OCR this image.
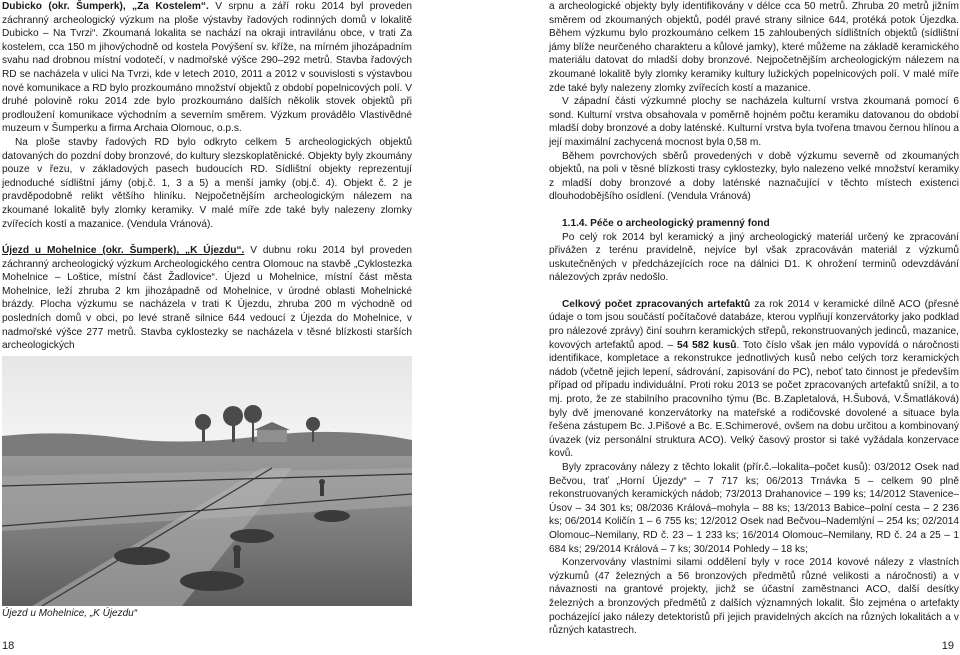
Dubicko (okr. Šumperk), „Za Kostelem“. V srpnu a září roku 2014 byl proveden záchranný archeologický výzkum na ploše výstavby řadových rodinných domů v lokalitě Dubicko – Na Tvrzi“. Zkoumaná lokalita se nachází na okraji intravilánu obce, v trati Za kostelem, cca 150 m jihovýchodně od kostela Povýšení sv. kříže, na mírném jihozápadním svahu nad drobnou místní vodotečí, v nadmořské výšce 290–292 metrů. Stavba řadových RD se nacházela v ulici Na Tvrzi, kde v letech 2010, 2011 a 2012 v souvislosti s výstavbou nové komunikace a RD bylo prozkoumáno množství objektů z období popelnicových polí. V druhé polovině roku 2014 zde bylo prozkoumáno dalších několik stovek objektů při prodloužení komunikace východním a severním směrem. Výzkum provádělo Vlastivědné muzeum v Šumperku a firma Archaia Olomouc, o.p.s.

Na ploše stavby řadových RD bylo odkryto celkem 5 archeologických objektů datovaných do pozdní doby bronzové, do kultury slezskoplatěnické. Objekty byly zkoumány pouze v řezu, v základových pasech budoucích RD. Sídlištní objekty reprezentují jednoduché sídlištní jámy (obj.č. 1, 3 a 5) a menší jamky (obj.č. 4). Objekt č. 2 je pravděpodobně relikt většího hliníku. Nejpočetnějším archeologickým nálezem na zkoumané lokalitě byly zlomky keramiky. V malé míře zde také byly nalezeny zlomky zvířecích kostí a mazanice. (Vendula Vránová).

Újezd u Mohelnice (okr. Šumperk), „K Újezdu“. V dubnu roku 2014 byl proveden záchranný archeologický výzkum Archeologického centra Olomouc na stavbě „Cyklostezka Mohelnice – Loštice, místní část Žadlovice“. Újezd u Mohelnice, místní část města Mohelnice, leží zhruba 2 km jihozápadně od Mohelnice, v úrodné oblasti Mohelnické brázdy. Plocha výzkumu se nacházela v trati K Újezdu, zhruba 200 m východně od posledních domů v obci, po levé straně silnice 644 vedoucí z Újezda do Mohelnice, v nadmořské výšce 277 metrů. Stavba cyklostezky se nacházela v těsné blízkosti starších archeologických

Újezd u Mohelnice, „K Újezdu“

a archeologické objekty byly identifikovány v délce cca 50 metrů. Zhruba 20 metrů jižním směrem od zkoumaných objektů, podél pravé strany silnice 644, protéká potok Újezdka. Během výzkumu bylo prozkoumáno celkem 15 zahloubených sídlištních objektů (sídlištní jámy blíže neurčeného charakteru a kůlové jamky), které můžeme na základě keramického materiálu datovat do mladší doby bronzové. Nejpočetnějším archeologickým nálezem na zkoumané lokalitě byly zlomky keramiky kultury lužických popelnicových polí. V malé míře zde také byly nalezeny zlomky zvířecích kostí a mazanice.

V západní části výzkumné plochy se nacházela kulturní vrstva zkoumaná pomocí 6 sond. Kulturní vrstva obsahovala v poměrně hojném počtu keramiku datovanou do období mladší doby bronzové a doby laténské. Kulturní vrstva byla tvořena tmavou černou hlínou a její maximální zachycená mocnost byla 0,58 m.

Během povrchových sběrů provedených v době výzkumu severně od zkoumaných objektů, na poli v těsné blízkosti trasy cyklostezky, bylo nalezeno velké množství keramiky z mladší doby bronzové a doby laténské naznačující v těchto místech existenci dlouhodobějšího osídlení. (Vendula Vránová)

1.1.4. Péče o archeologický pramenný fond

Po celý rok 2014 byl keramický a jiný archeologický materiál určený ke zpracování přivážen z terénu pravidelně, nejvíce byl však zpracováván materiál z výzkumů uskutečněných v předcházejících roce na dálnici D1. K ohrožení terminů odevzdávání nálezových zpráv nedošlo.

Celkový počet zpracovaných artefaktů za rok 2014 v keramické dílně ACO (přesné údaje o tom jsou součástí počítačové databáze, kterou vyplňují konzervátorky jako podklad pro nálezové zprávy) činí souhrn keramických střepů, rekonstruovaných jedinců, mazanice, kovových artefaktů apod. – 54 582 kusů. Toto číslo však jen málo vypovídá o náročnosti identifikace, kompletace a rekonstrukce jednotlivých kusů nebo celých torz keramických nádob (včetně jejich lepení, sádrování, zapisování do PC), neboť tato činnost je především případ od případu individuální. Proti roku 2013 se počet zpracovaných artefaktů snížil, a to mj. proto, že ze stabilního pracovního týmu (Bc. B.Zapletalová, H.Šubová, V.Šmatláková) byly dvě jmenované konzervátorky na mateřské a rodičovské dovolené a situace byla řešena zástupem Bc. J.Pišové a Bc. E.Schimerové, ovšem na dobu určitou a kombinovaný úvazek (viz personální struktura ACO). Velký časový prostor si také vyžádala konzervace kovů.

Byly zpracovány nálezy z těchto lokalit (přír.č.–lokalita–počet kusů): 03/2012 Osek nad Bečvou, trať „Horní Újezdy“ – 7 717 ks; 06/2013 Trnávka 5 – celkem 90 plně rekonstruovaných keramických nádob; 73/2013 Drahanovice – 199 ks; 14/2012 Stavenice–Úsov – 34 301 ks; 08/2036 Králová–mohyla – 88 ks; 13/2013 Babice–polní cesta – 2 236 ks; 06/2014 Količín 1 – 6 755 ks; 12/2012 Osek nad Bečvou–Nademlýní – 254 ks; 02/2014 Olomouc–Nemilany, RD č. 23 – 1 233 ks; 16/2014 Olomouc–Nemilany, RD č. 24 a 25 – 1 684 ks; 29/2014 Králová – 7 ks; 30/2014 Pohledy – 18 ks;

Konzervovány vlastními silami oddělení byly v roce 2014 kovové nálezy z vlastních výzkumů (47 železných a 56 bronzových předmětů různé velikosti a náročnosti) a v návaznosti na grantové projekty, jichž se účastní zaměstnanci ACO, další desítky železných a bronzových předmětů z dalších významných lokalit. Šlo zejména o artefakty pocházející jako nálezy detektoristů při jejich pravidelných akcích na různých lokalitách a v různých katastrech.

18	19
